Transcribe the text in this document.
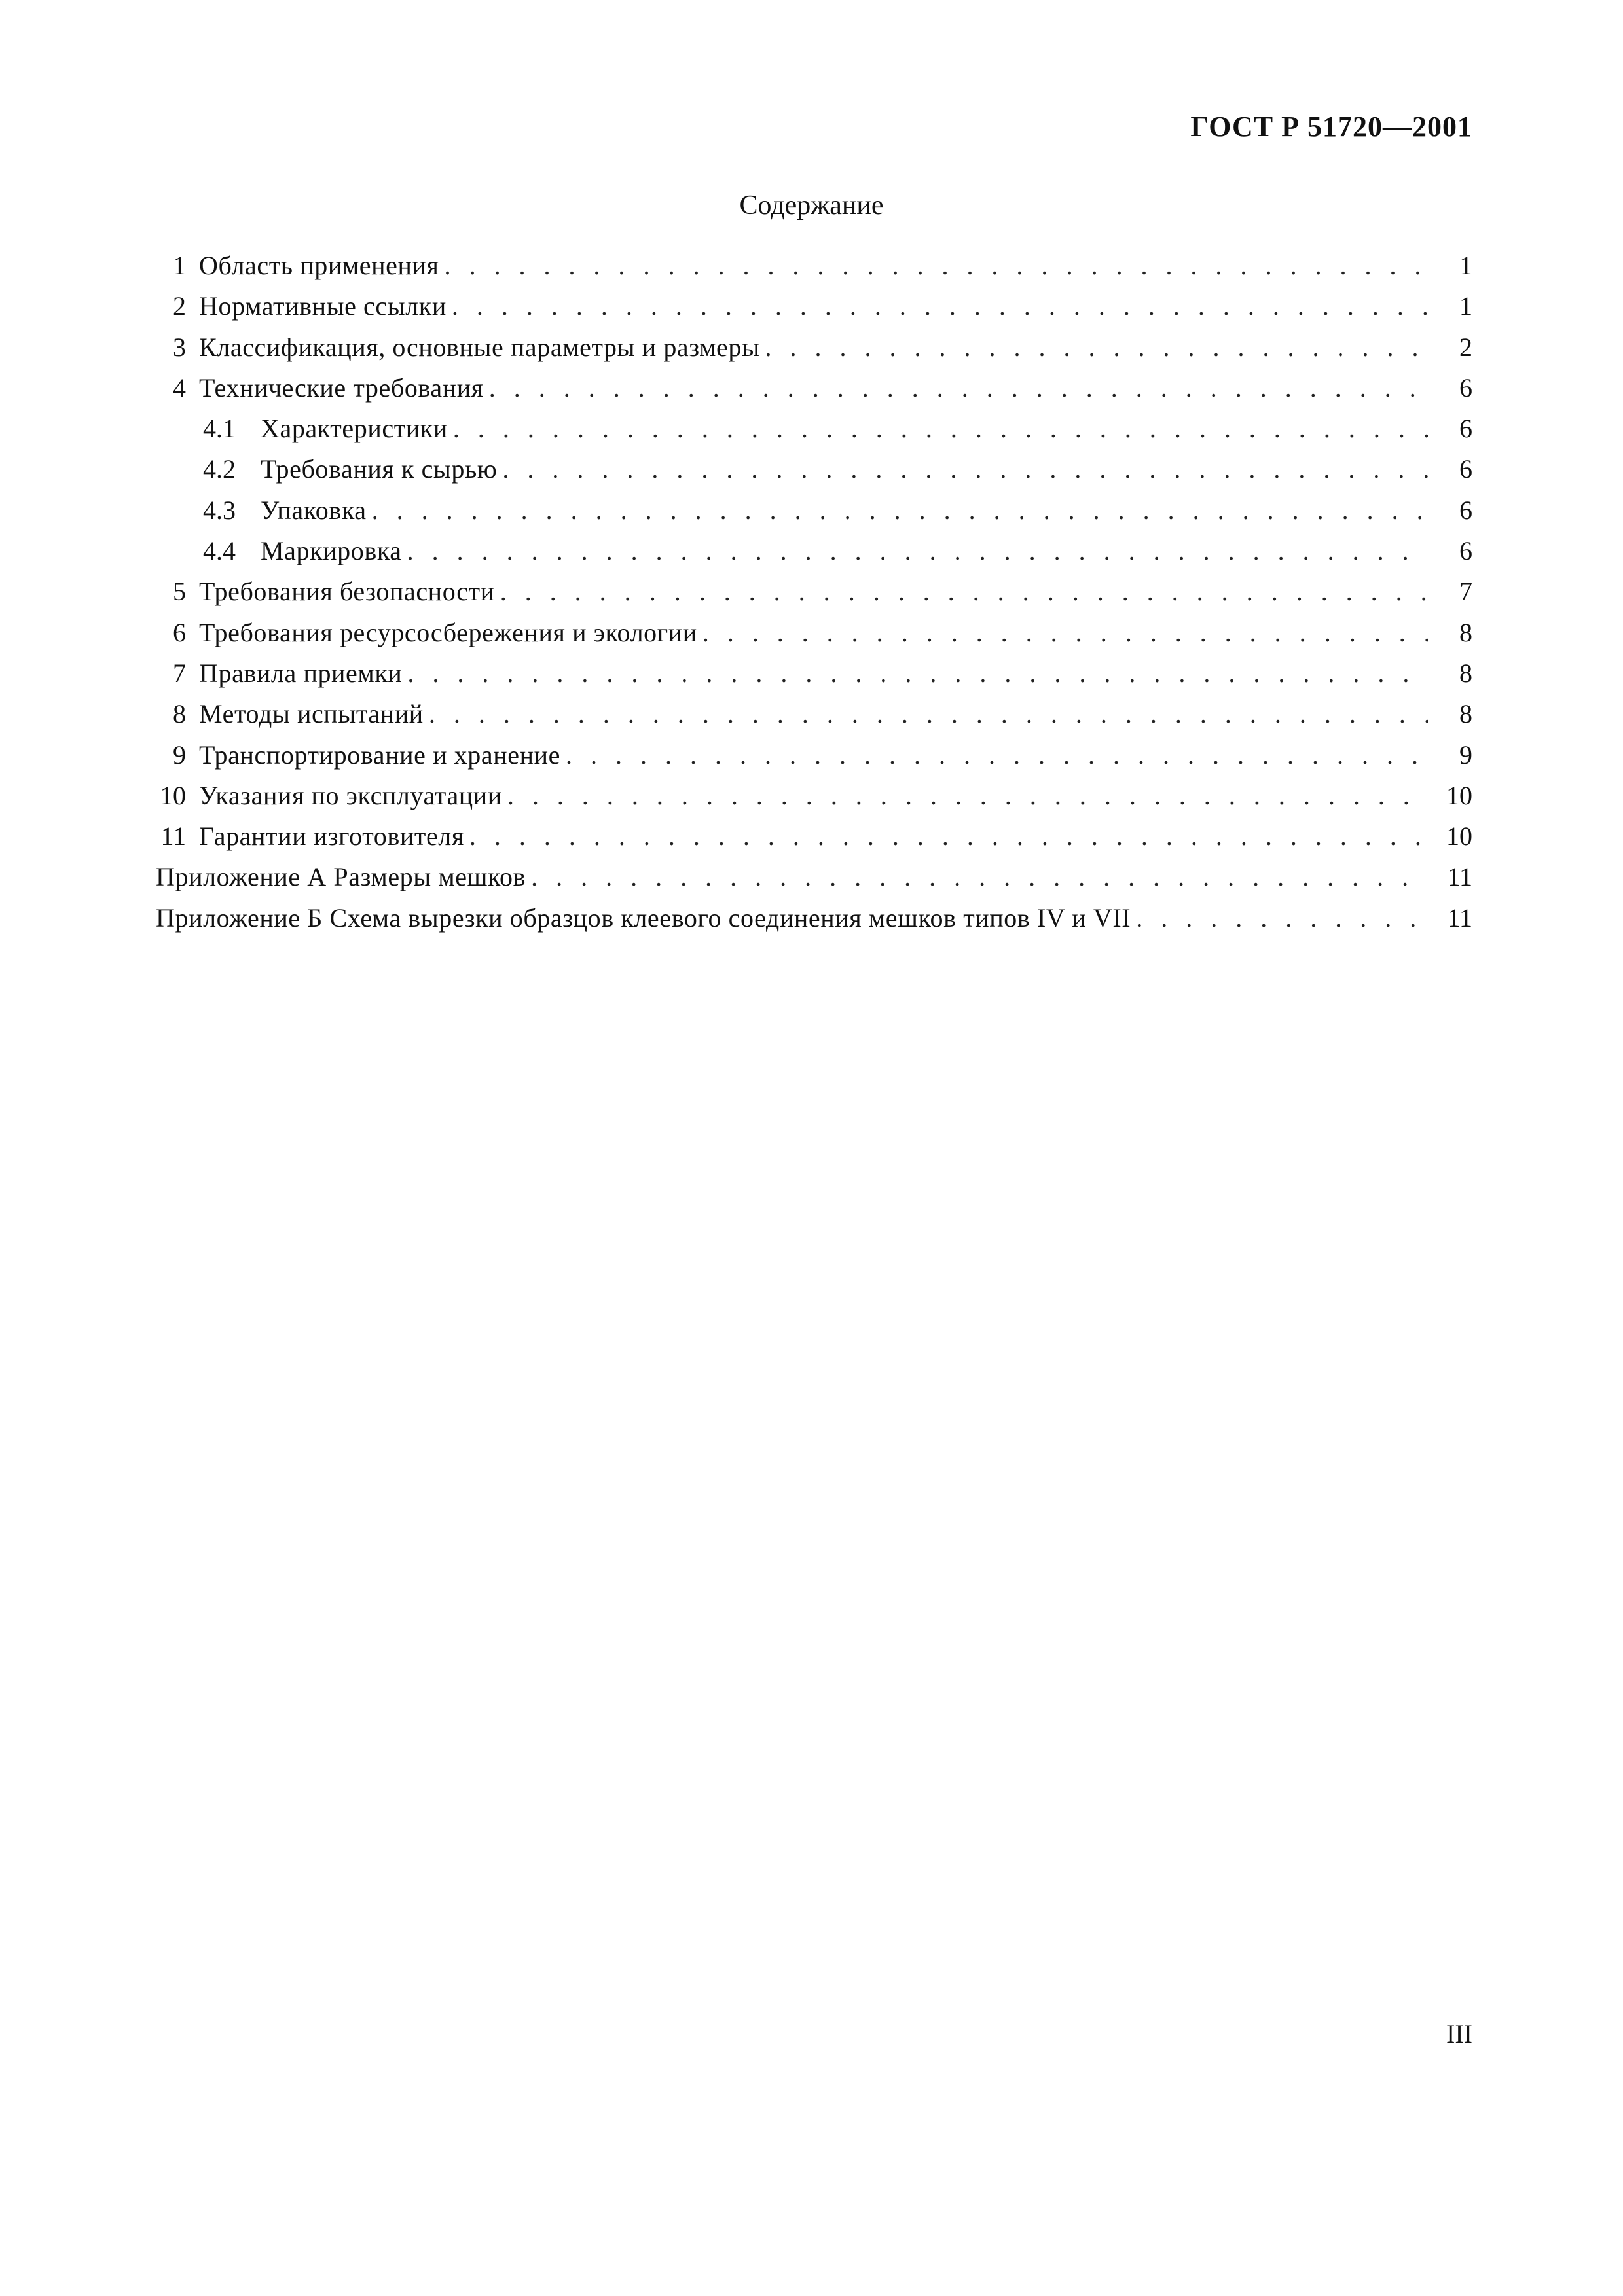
ГОСТ Р 51720—2001
Содержание
1 Область применения . . .	1
2 Нормативные ссылки . . .	1
3 Классификация, основные параметры и размеры . . .	2
4 Технические требования . . .	6
4.1 Характеристики . . .	6
4.2 Требования к сырью . . .	6
4.3 Упаковка . . .	6
4.4 Маркировка . . .	6
5 Требования безопасности . . .	7
6 Требования ресурсосбережения и экологии . . .	8
7 Правила приемки . . .	8
8 Методы испытаний . . .	8
9 Транспортирование и хранение . . .	9
10 Указания по эксплуатации . . .	10
11 Гарантии изготовителя . . .	10
Приложение А Размеры мешков . . .	11
Приложение Б Схема вырезки образцов клеевого соединения мешков типов IV и VII . . .	11
III
